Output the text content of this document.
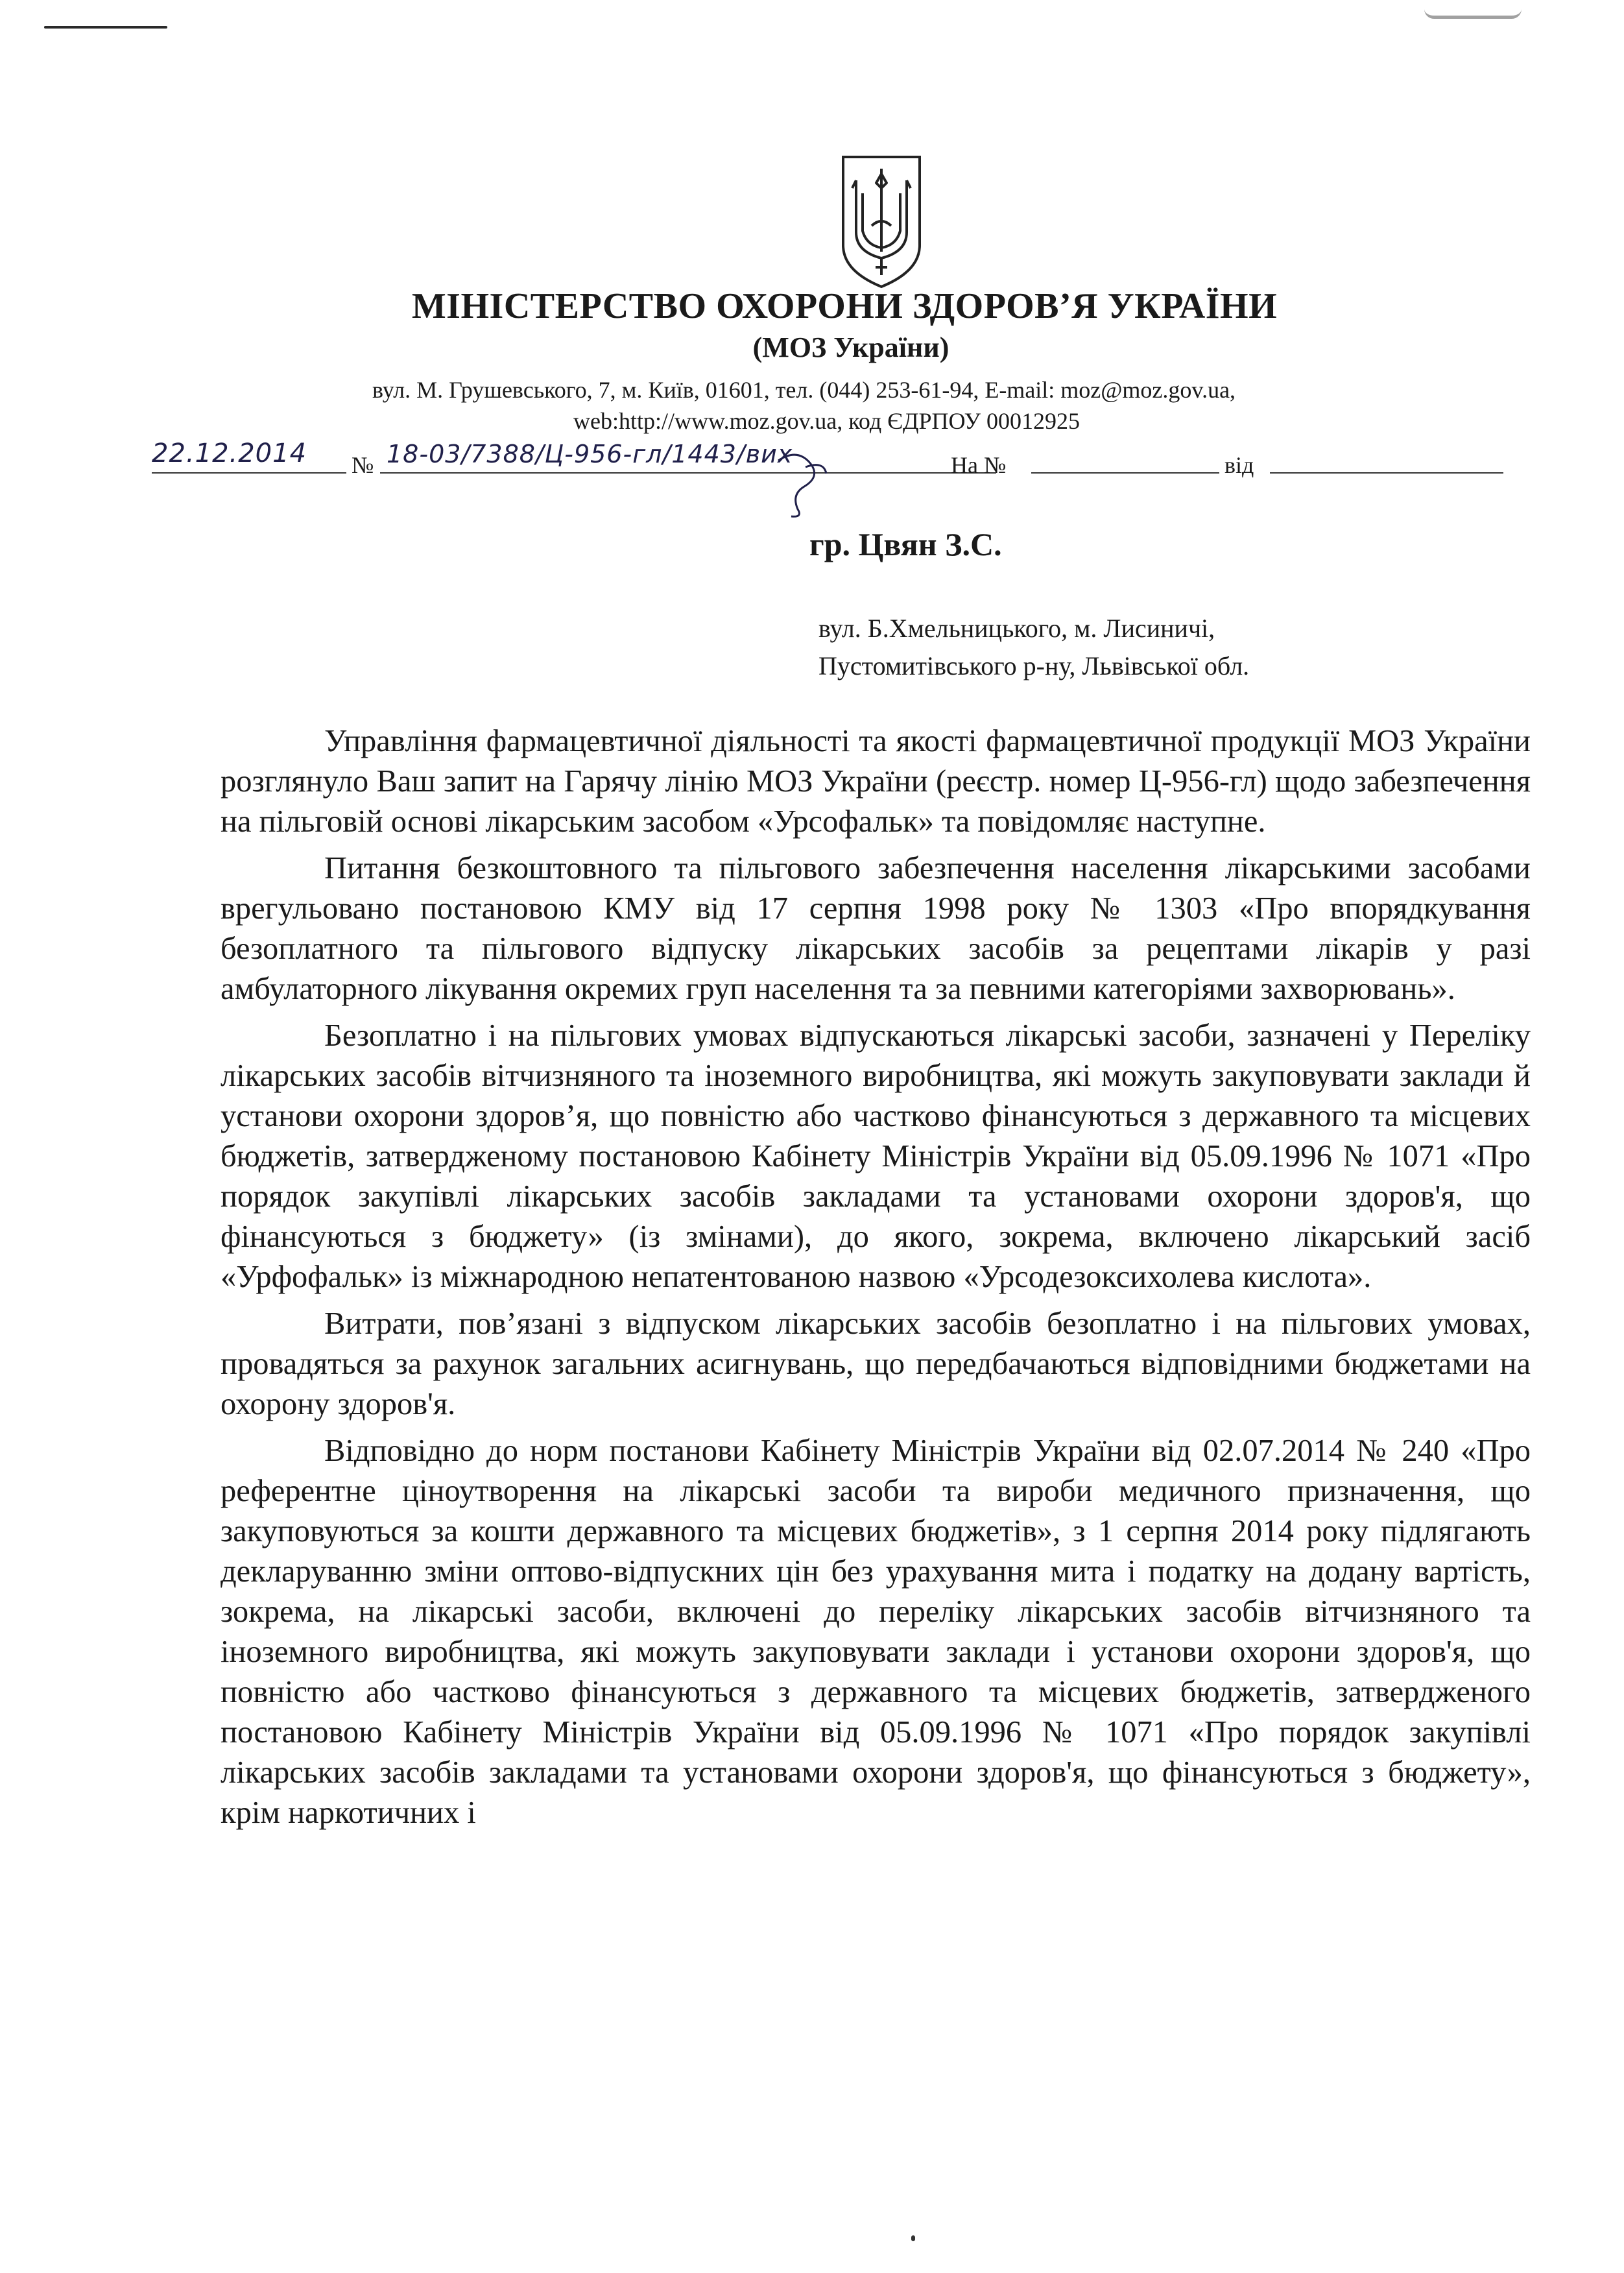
МІНІСТЕРСТВО ОХОРОНИ ЗДОРОВ’Я УКРАЇНИ
(МОЗ України)
вул. М. Грушевського, 7, м. Київ, 01601, тел. (044) 253-61-94, E-mail: moz@moz.gov.ua,
web:http://www.moz.gov.ua, код ЄДРПОУ 00012925
22.12.2014 № 18-03/7388/Ц-956-гл/1443/вих	На №	від
гр. Цвян З.С.
вул. Б.Хмельницького, м. Лисиничі,
Пустомитівського р-ну, Львівської обл.

Управління фармацевтичної діяльності та якості фармацевтичної продукції МОЗ України розглянуло Ваш запит на Гарячу лінію МОЗ України (реєстр. номер Ц-956-гл) щодо забезпечення на пільговій основі лікарським засобом «Урсофальк» та повідомляє наступне.

Питання безкоштовного та пільгового забезпечення населення лікарськими засобами врегульовано постановою КМУ від 17 серпня 1998 року № 1303 «Про впорядкування безоплатного та пільгового відпуску лікарських засобів за рецептами лікарів у разі амбулаторного лікування окремих груп населення та за певними категоріями захворювань».

Безоплатно і на пільгових умовах відпускаються лікарські засоби, зазначені у Переліку лікарських засобів вітчизняного та іноземного виробництва, які можуть закуповувати заклади й установи охорони здоров’я, що повністю або частково фінансуються з державного та місцевих бюджетів, затвердженому постановою Кабінету Міністрів України від 05.09.1996 № 1071 «Про порядок закупівлі лікарських засобів закладами та установами охорони здоров'я, що фінансуються з бюджету» (із змінами), до якого, зокрема, включено лікарський засіб «Урфофальк» із міжнародною непатентованою назвою «Урсодезоксихолева кислота».

Витрати, пов’язані з відпуском лікарських засобів безоплатно і на пільгових умовах, провадяться за рахунок загальних асигнувань, що передбачаються відповідними бюджетами на охорону здоров'я.

Відповідно до норм постанови Кабінету Міністрів України від 02.07.2014 № 240 «Про референтне ціноутворення на лікарські засоби та вироби медичного призначення, що закуповуються за кошти державного та місцевих бюджетів», з 1 серпня 2014 року підлягають декларуванню зміни оптово-відпускних цін без урахування мита і податку на додану вартість, зокрема, на лікарські засоби, включені до переліку лікарських засобів вітчизняного та іноземного виробництва, які можуть закуповувати заклади і установи охорони здоров'я, що повністю або частково фінансуються з державного та місцевих бюджетів, затвердженого постановою Кабінету Міністрів України від 05.09.1996 № 1071 «Про порядок закупівлі лікарських засобів закладами та установами охорони здоров'я, що фінансуються з бюджету», крім наркотичних і
